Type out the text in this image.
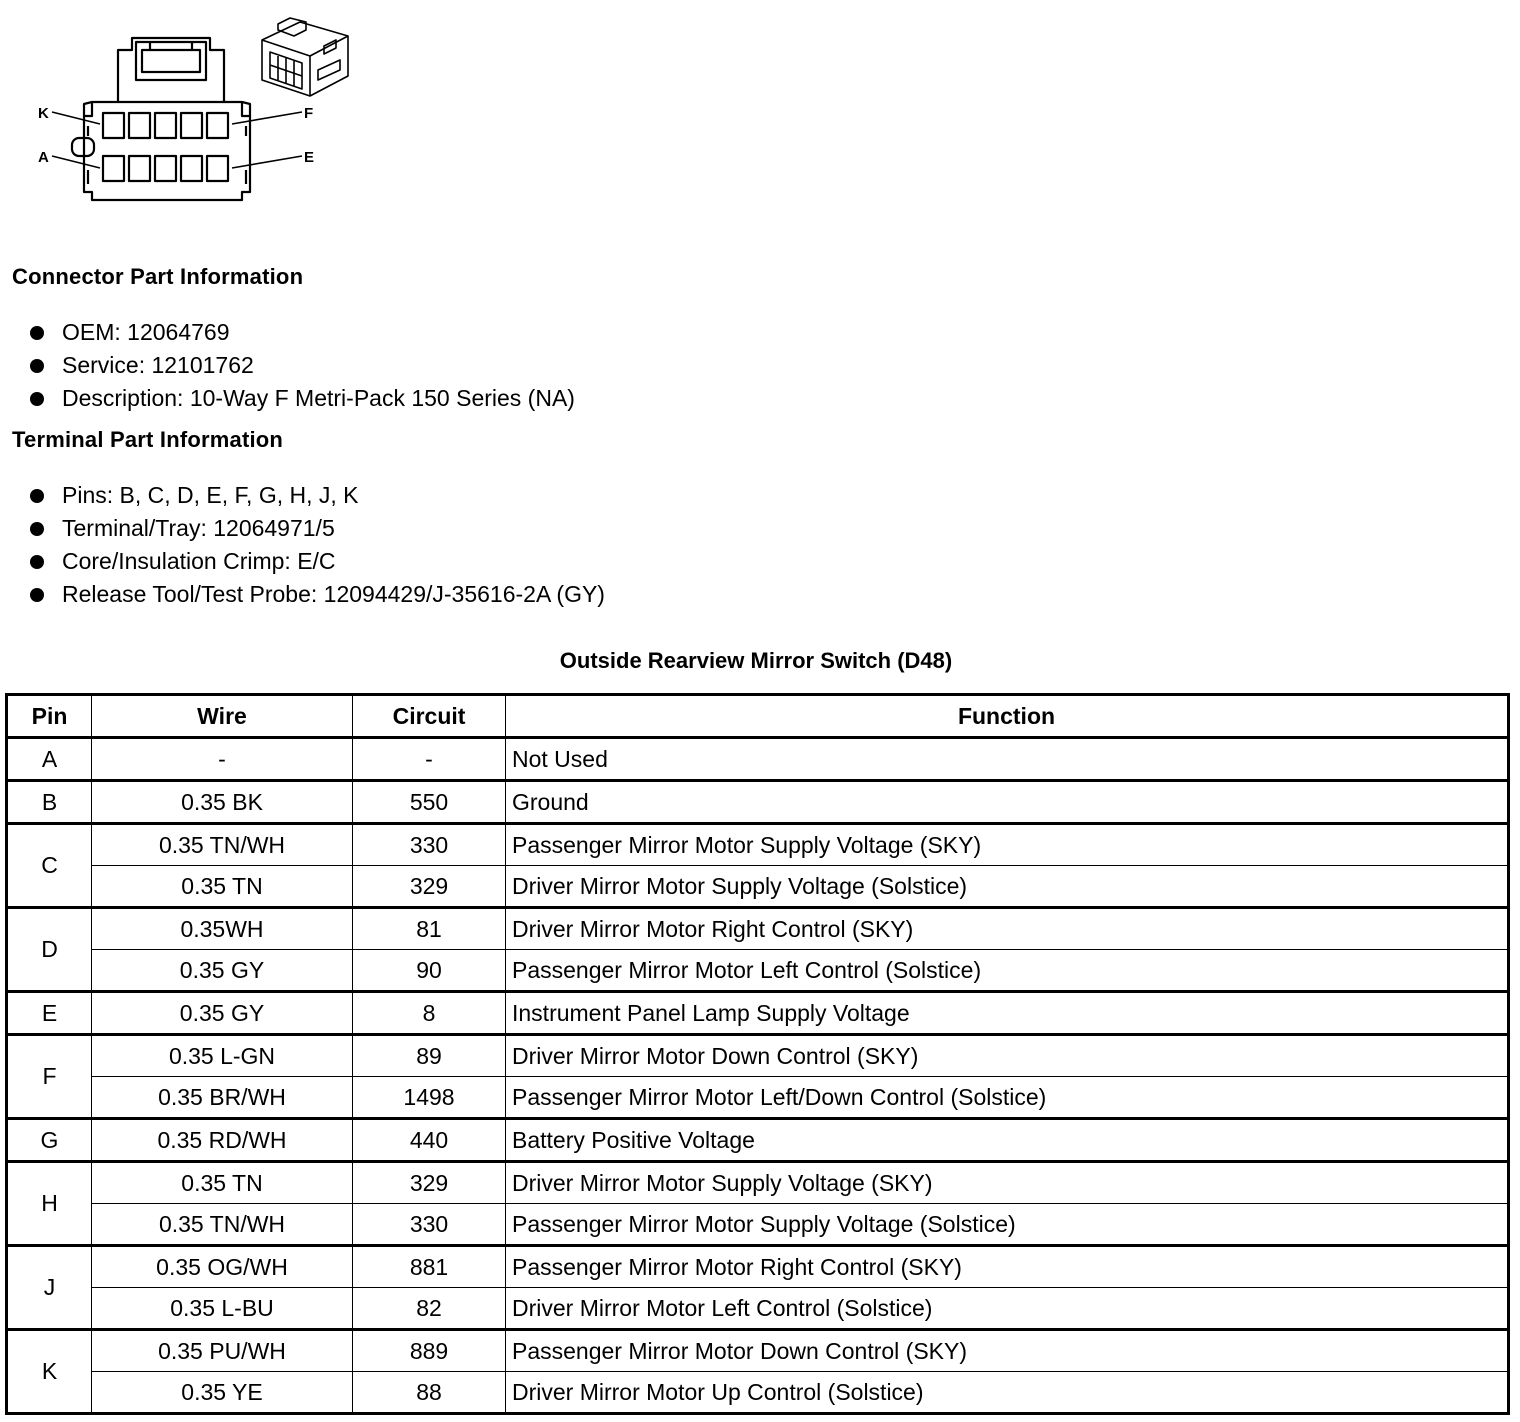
K	F
A	E
Connector Part Information
OEM: 12064769
Service: 12101762
Description: 10-Way F Metri-Pack 150 Series (NA)
Terminal Part Information
Pins: B, C, D, E, F, G, H, J, K
Terminal/Tray: 12064971/5
Core/Insulation Crimp: E/C
Release Tool/Test Probe: 12094429/J-35616-2A (GY)
Outside Rearview Mirror Switch (D48)
Pin	Wire	Circuit	Function
A	-	-	Not Used
B	0.35 BK	550	Ground
C	0.35 TN/WH	330	Passenger Mirror Motor Supply Voltage (SKY)
	0.35 TN	329	Driver Mirror Motor Supply Voltage (Solstice)
D	0.35WH	81	Driver Mirror Motor Right Control (SKY)
	0.35 GY	90	Passenger Mirror Motor Left Control (Solstice)
E	0.35 GY	8	Instrument Panel Lamp Supply Voltage
F	0.35 L-GN	89	Driver Mirror Motor Down Control (SKY)
	0.35 BR/WH	1498	Passenger Mirror Motor Left/Down Control (Solstice)
G	0.35 RD/WH	440	Battery Positive Voltage
H	0.35 TN	329	Driver Mirror Motor Supply Voltage (SKY)
	0.35 TN/WH	330	Passenger Mirror Motor Supply Voltage (Solstice)
J	0.35 OG/WH	881	Passenger Mirror Motor Right Control (SKY)
	0.35 L-BU	82	Driver Mirror Motor Left Control (Solstice)
K	0.35 PU/WH	889	Passenger Mirror Motor Down Control (SKY)
	0.35 YE	88	Driver Mirror Motor Up Control (Solstice)
